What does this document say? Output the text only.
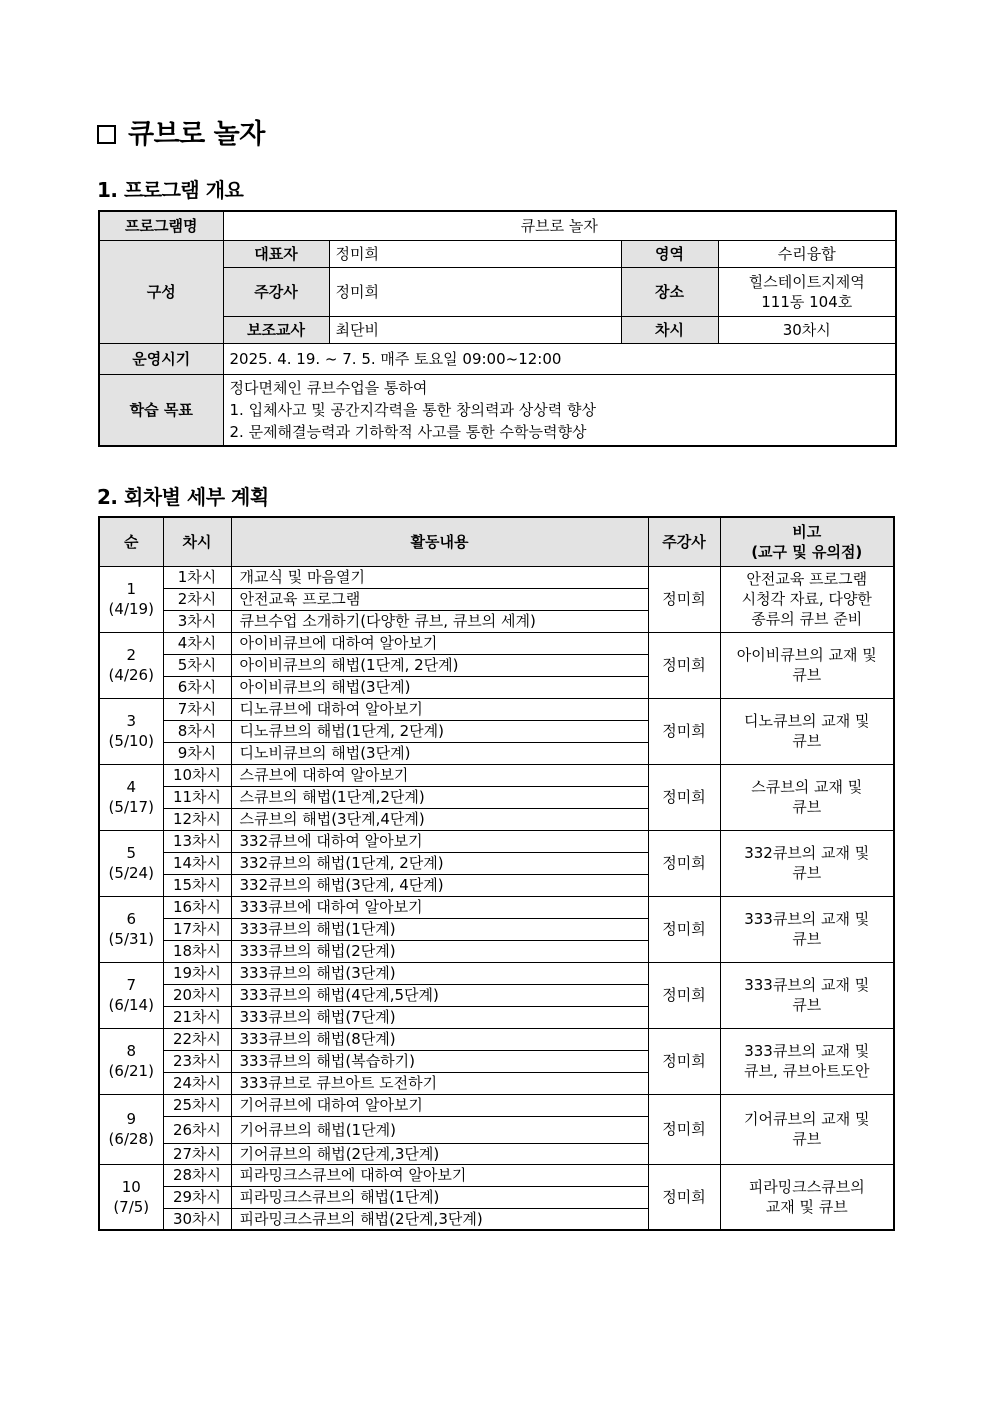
큐브로 놀자
1. 프로그램 개요
프로그램명	큐브로 놀자			
구성	대표자	정미희	영역	수리융합
	주강사	정미희	장소	힐스테이트지제역
111동 104호

	보조교사	최단비	차시	30차시
운영시기	2025. 4. 19. ~ 7. 5. 매주 토요일 09:00~12:00			
학습 목표	정다면체인 큐브수업을 통하여
1. 입체사고 및 공간지각력을 통한 창의력과 상상력 향상
2. 문제해결능력과 기하학적 사고를 통한 수학능력향상			
2. 회차별 세부 계획
순	차시	활동내용	주강사	비고
(교구 및 유의점)

1
(4/19)	1차시	개교식 및 마음열기	정미희	안전교육 프로그램
시청각 자료, 다양한
종류의 큐브 준비

	2차시	안전교육 프로그램		
	3차시	큐브수업 소개하기(다양한 큐브, 큐브의 세계)		

2
(4/26)	4차시	아이비큐브에 대하여 알아보기	정미희	아이비큐브의 교재 및
큐브

	5차시	아이비큐브의 해법(1단계, 2단계)		
	6차시	아이비큐브의 해법(3단계)		

3
(5/10)	7차시	디노큐브에 대하여 알아보기	정미희	디노큐브의 교재 및
큐브

	8차시	디노큐브의 해법(1단계, 2단계)		
	9차시	디노비큐브의 해법(3단계)		

4
(5/17)	10차시	스큐브에 대하여 알아보기	정미희	스큐브의 교재 및
큐브

	11차시	스큐브의 해법(1단계,2단계)		
	12차시	스큐브의 해법(3단계,4단계)		

5
(5/24)	13차시	332큐브에 대하여 알아보기	정미희	332큐브의 교재 및
큐브

	14차시	332큐브의 해법(1단계, 2단계)		
	15차시	332큐브의 해법(3단계, 4단계)		

6
(5/31)	16차시	333큐브에 대하여 알아보기	정미희	333큐브의 교재 및
큐브

	17차시	333큐브의 해법(1단계)		
	18차시	333큐브의 해법(2단계)		

7
(6/14)	19차시	333큐브의 해법(3단계)	정미희	333큐브의 교재 및
큐브

	20차시	333큐브의 해법(4단계,5단계)		
	21차시	333큐브의 해법(7단계)		

8
(6/21)	22차시	333큐브의 해법(8단계)	정미희	333큐브의 교재 및
큐브, 큐브아트도안

	23차시	333큐브의 해법(복습하기)		
	24차시	333큐브로 큐브아트 도전하기		

9
(6/28)	25차시	기어큐브에 대하여 알아보기	정미희	기어큐브의 교재 및
큐브

	26차시	기어큐브의 해법(1단계)		
	27차시	기어큐브의 해법(2단계,3단계)		

10
(7/5)	28차시	피라밍크스큐브에 대하여 알아보기	정미희	피라밍크스큐브의
교재 및 큐브

	29차시	피라밍크스큐브의 해법(1단계)		
	30차시	피라밍크스큐브의 해법(2단계,3단계)		
